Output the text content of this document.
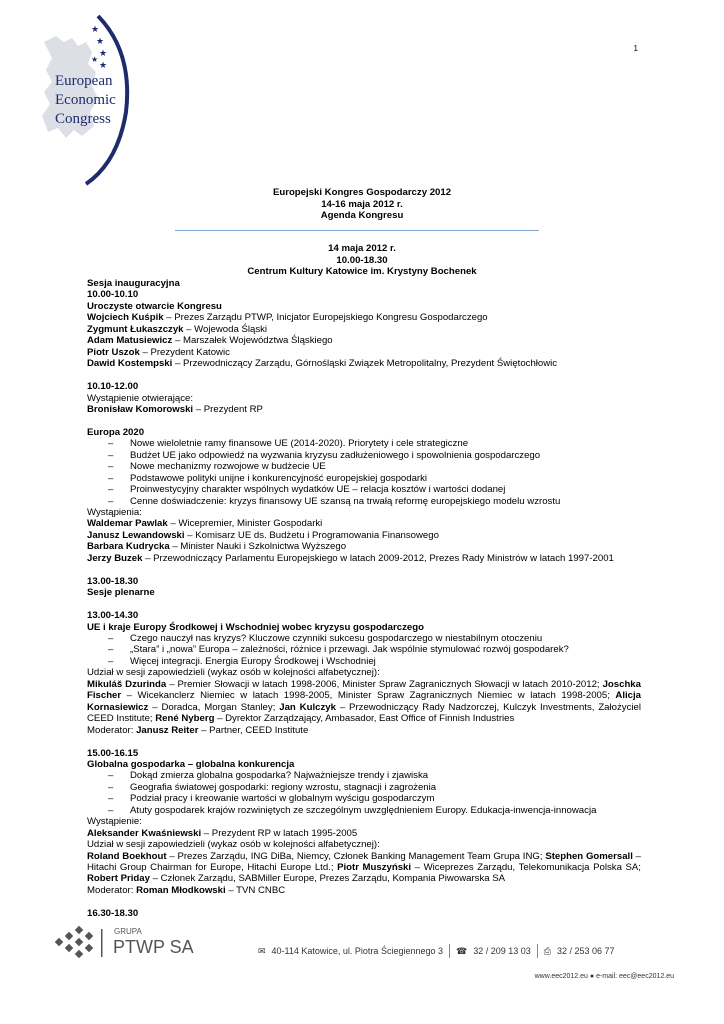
1
★
★
★
★
★
European
Economic
Congress
Europejski Kongres Gospodarczy 2012
14-16 maja 2012 r.
Agenda Kongresu
14 maja 2012 r.
10.00-18.30
Centrum Kultury Katowice im. Krystyny Bochenek

Sesja inauguracyjna

10.00-10.10

Uroczyste otwarcie Kongresu

Wojciech Kuśpik – Prezes Zarządu PTWP, Inicjator Europejskiego Kongresu Gospodarczego

Zygmunt Łukaszczyk – Wojewoda Śląski

Adam Matusiewicz – Marszałek Województwa Śląskiego

Piotr Uszok – Prezydent Katowic

Dawid Kostempski – Przewodniczący Zarządu, Górnośląski Związek Metropolitalny, Prezydent Świętochłowic

10.10-12.00

Wystąpienie otwierające:

Bronisław Komorowski – Prezydent RP

Europa 2020

– Nowe wieloletnie ramy finansowe UE (2014-2020). Priorytety i cele strategiczne

– Budżet UE jako odpowiedź na wyzwania kryzysu zadłużeniowego i spowolnienia gospodarczego

– Nowe mechanizmy rozwojowe w budżecie UE

– Podstawowe polityki unijne i konkurencyjność europejskiej gospodarki

– Proinwestycyjny charakter wspólnych wydatków UE – relacja kosztów i wartości dodanej

– Cenne doświadczenie: kryzys finansowy UE szansą na trwałą reformę europejskiego modelu wzrostu

Wystąpienia:

Waldemar Pawlak – Wicepremier, Minister Gospodarki

Janusz Lewandowski – Komisarz UE ds. Budżetu i Programowania Finansowego

Barbara Kudrycka – Minister Nauki i Szkolnictwa Wyższego

Jerzy Buzek – Przewodniczący Parlamentu Europejskiego w latach 2009-2012, Prezes Rady Ministrów w latach 1997-2001

13.00-18.30

Sesje plenarne

13.00-14.30

UE i kraje Europy Środkowej i Wschodniej wobec kryzysu gospodarczego

– Czego nauczył nas kryzys? Kluczowe czynniki sukcesu gospodarczego w niestabilnym otoczeniu

– „Stara” i „nowa” Europa – zależności, różnice i przewagi. Jak wspólnie stymulować rozwój gospodarek?

– Więcej integracji. Energia Europy Środkowej i Wschodniej

Udział w sesji zapowiedzieli (wykaz osób w kolejności alfabetycznej):

Mikuláš Dzurinda – Premier Słowacji w latach 1998-2006, Minister Spraw Zagranicznych Słowacji w latach 2010-2012; Joschka Fischer – Wicekanclerz Niemiec w latach 1998-2005, Minister Spraw Zagranicznych Niemiec w latach 1998-2005; Alicja Kornasiewicz – Doradca, Morgan Stanley; Jan Kulczyk – Przewodniczący Rady Nadzorczej, Kulczyk Investments, Założyciel CEED Institute; René Nyberg – Dyrektor Zarządzający, Ambasador, East Office of Finnish Industries

Moderator: Janusz Reiter – Partner, CEED Institute

15.00-16.15

Globalna gospodarka – globalna konkurencja

– Dokąd zmierza globalna gospodarka? Najważniejsze trendy i zjawiska

– Geografia światowej gospodarki: regiony wzrostu, stagnacji i zagrożenia

– Podział pracy i kreowanie wartości w globalnym wyścigu gospodarczym

– Atuty gospodarek krajów rozwiniętych ze szczególnym uwzględnieniem Europy. Edukacja-inwencja-innowacja

Wystąpienie:

Aleksander Kwaśniewski – Prezydent RP w latach 1995-2005

Udział w sesji zapowiedzieli (wykaz osób w kolejności alfabetycznej):

Roland Boekhout – Prezes Zarządu, ING DiBa, Niemcy, Członek Banking Management Team Grupa ING; Stephen Gomersall – Hitachi Group Chairman for Europe, Hitachi Europe Ltd.; Piotr Muszyński – Wiceprezes Zarządu, Telekomunikacja Polska SA; Robert Priday – Członek Zarządu, SABMiller Europe, Prezes Zarządu, Kompania Piwowarska SA

Moderator: Roman Młodkowski – TVN CNBC

16.30-18.30

GRUPA
PTWP SA	✉ 40-114 Katowice, ul. Piotra Ściegiennego 3 ☎ 32 / 209 13 03 ⎙ 32 / 253 06 77
www.eec2012.eu ● e-mail: eec@eec2012.eu
